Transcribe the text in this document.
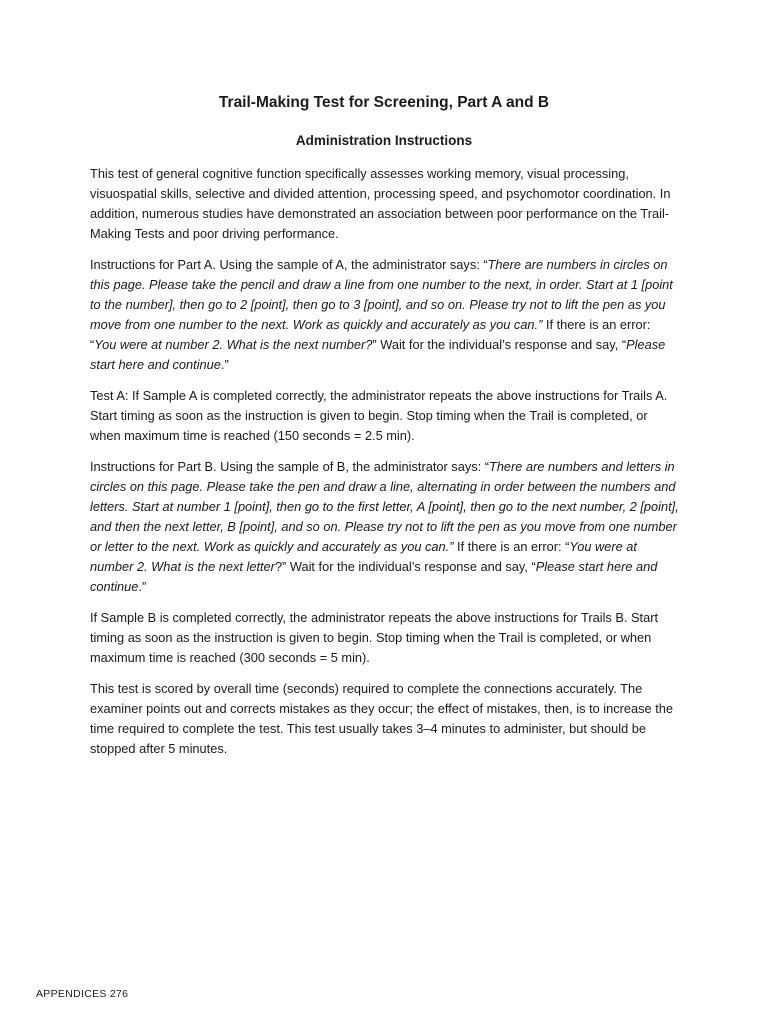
Trail-Making Test for Screening, Part A and B
Administration Instructions

This test of general cognitive function specifically assesses working memory, visual processing, visuospatial skills, selective and divided attention, processing speed, and psychomotor coordination. In addition, numerous studies have demonstrated an association between poor performance on the Trail-Making Tests and poor driving performance.

Instructions for Part A. Using the sample of A, the administrator says: “There are numbers in circles on this page. Please take the pencil and draw a line from one number to the next, in order. Start at 1 [point to the number], then go to 2 [point], then go to 3 [point], and so on. Please try not to lift the pen as you move from one number to the next. Work as quickly and accurately as you can.” If there is an error: “You were at number 2. What is the next number?” Wait for the individual’s response and say, “Please start here and continue.”

Test A: If Sample A is completed correctly, the administrator repeats the above instructions for Trails A. Start timing as soon as the instruction is given to begin. Stop timing when the Trail is completed, or when maximum time is reached (150 seconds = 2.5 min).

Instructions for Part B. Using the sample of B, the administrator says: “There are numbers and letters in circles on this page. Please take the pen and draw a line, alternating in order between the numbers and letters. Start at number 1 [point], then go to the first letter, A [point], then go to the next number, 2 [point], and then the next letter, B [point], and so on. Please try not to lift the pen as you move from one number or letter to the next. Work as quickly and accurately as you can.” If there is an error: “You were at number 2. What is the next letter?” Wait for the individual’s response and say, “Please start here and continue.”

If Sample B is completed correctly, the administrator repeats the above instructions for Trails B. Start timing as soon as the instruction is given to begin. Stop timing when the Trail is completed, or when maximum time is reached (300 seconds = 5 min).

This test is scored by overall time (seconds) required to complete the connections accurately. The examiner points out and corrects mistakes as they occur; the effect of mistakes, then, is to increase the time required to complete the test. This test usually takes 3–4 minutes to administer, but should be stopped after 5 minutes.

APPENDICES 276
